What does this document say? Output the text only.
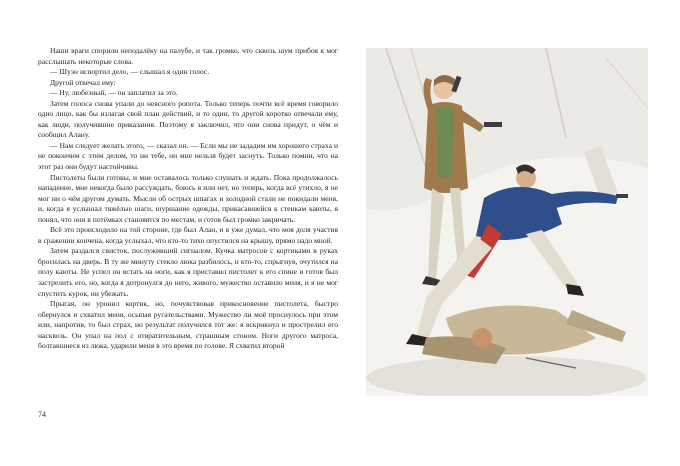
Наши враги спорили неподалёку на палубе, и так громко, что сквозь шум прибоя я мог расслышать некоторые слова.

— Шуэн испортил дело, — слышал я один голос.

Другой отвечал ему:

— Ну, любезный, — он заплатил за это.

Затем голоса снова упали до неясного ропота. Только теперь почти всё время говорило одно лицо, как бы излагая свой план действий, и то один, то другой коротко отвечали ему, как люди, получившие приказания. Поэтому я заключил, что они снова придут, о чём и сообщил Алану.

— Нам следует желать этого, — сказал он. — Если мы не зададим им хорошего страха и не покончим с этим делом, то ни тебе, ни мне нельзя будет заснуть. Только помни, что на этот раз они будут настойчивы.

Пистолеты были готовы, и мне оставалось только слушать и ждать. Пока продолжалось нападение, мне некогда было рассуждать, боюсь я или нет, но теперь, когда всё утихло, я не мог ни о чём другом думать. Мысли об острых шпагах и холодной стали не покидали меня, и, когда я услышал тяжёлые шаги, шуршание одежды, прикасавшейся к стенкам каюты, я понял, что они в потёмках становятся по местам, и готов был громко закричать.

Всё это происходило на той стороне, где был Алан, и я уже думал, что моя доля участия в сражении кончена, когда услыхал, что кто-то тихо опустился на крышу, прямо надо мной.

Затем раздался свисток, послуживший сигналом. Кучка матросов с кортиками в руках бросилась на дверь. В ту же минуту стекло люка разбилось, и кто-то, спрыгнув, очутился на полу каюты. Не успел он встать на ноги, как я приставил пистолет к его спине и готов был застрелить его, но, когда я дотронулся до него, живого, мужество оставило меня, и я не мог спустить курок, ни убежать.

Прыгая, он уронил кортик, но, почувствовав прикосновение пистолета, быстро обернулся и схватил меня, осыпая ругательствами. Мужество ли моё проснулось при этом или, напротив, то был страх, но результат получился тот же: я вскрикнул и прострелил его насквозь. Он упал на пол с отвратительным, страшным стоном. Ноги другого матроса, болтавшиеся из люка, ударили меня в это время по голове. Я схватил второй

74
